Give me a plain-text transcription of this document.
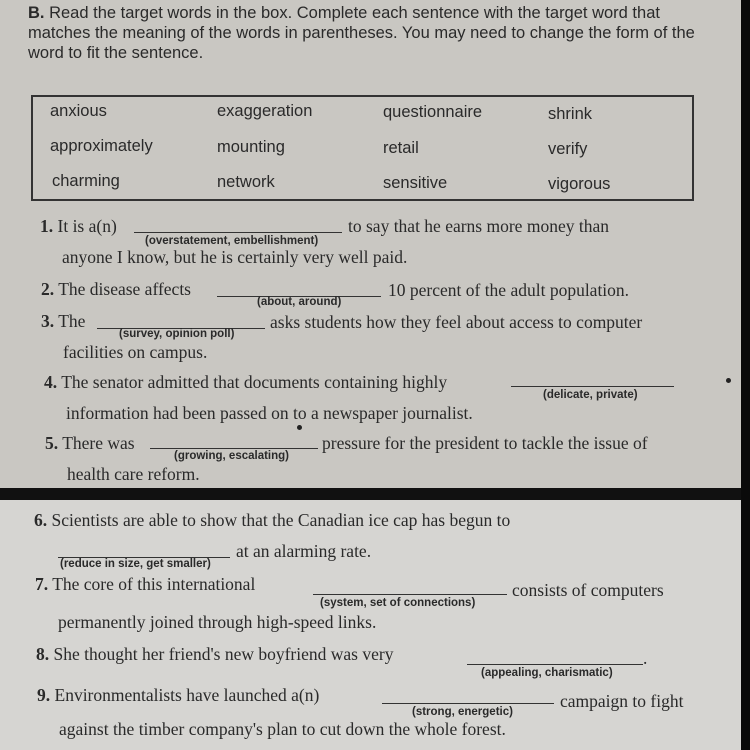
B. Read the target words in the box. Complete each sentence with the target word that matches the meaning of the words in parentheses. You may need to change the form of the word to fit the sentence.
anxious	exaggeration	questionnaire	shrink
approximately	mounting	retail	verify
charming	network	sensitive	vigorous
1. It is a(n)
(overstatement, embellishment)
to say that he earns more money than
anyone I know, but he is certainly very well paid.
2. The disease affects
(about, around)
10 percent of the adult population.
3. The
(survey, opinion poll)
asks students how they feel about access to computer
facilities on campus.
4. The senator admitted that documents containing highly
(delicate, private)
information had been passed on to a newspaper journalist.
5. There was
(growing, escalating)
pressure for the president to tackle the issue of
health care reform.
6. Scientists are able to show that the Canadian ice cap has begun to
(reduce in size, get smaller)
at an alarming rate.
7. The core of this international
(system, set of connections)
consists of computers
permanently joined through high-speed links.
8. She thought her friend's new boyfriend was very	.
(appealing, charismatic)
9. Environmentalists have launched a(n)
(strong, energetic)
campaign to fight
against the timber company's plan to cut down the whole forest.
